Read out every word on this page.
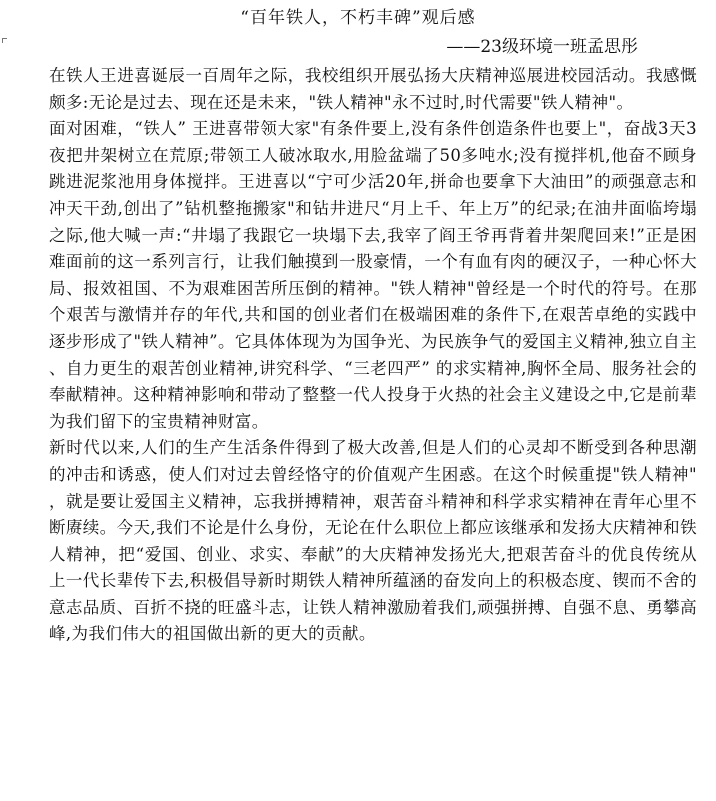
“百年铁人，不朽丰碑”观后感
——23级环境一班孟思彤

在铁人王进喜诞辰一百周年之际，我校组织开展弘扬大庆精神巡展进校园活动。我感慨颇多:无论是过去、现在还是未来，"铁人精神"永不过时,时代需要"铁人精神"。

面对困难，“铁人” 王进喜带领大家"有条件要上,没有条件创造条件也要上"，奋战3天3夜把井架树立在荒原;带领工人破冰取水,用脸盆端了50多吨水;没有搅拌机,他奋不顾身跳进泥浆池用身体搅拌。王进喜以“宁可少活20年,拼命也要拿下大油田”的顽强意志和冲天干劲,创出了”钻机整拖搬家"和钻井进尺“月上千、年上万”的纪录;在油井面临垮塌之际,他大喊一声:“井塌了我跟它一块塌下去,我宰了阎王爷再背着井架爬回来!”正是困难面前的这一系列言行，让我们触摸到一股豪情，一个有血有肉的硬汉子，一种心怀大局、报效祖国、不为艰难困苦所压倒的精神。"铁人精神"曾经是一个时代的符号。在那个艰苦与激情并存的年代,共和国的创业者们在极端困难的条件下,在艰苦卓绝的实践中逐步形成了"铁人精神”。它具体体现为为国争光、为民族争气的爱国主义精神,独立自主、自力更生的艰苦创业精神,讲究科学、“三老四严” 的求实精神,胸怀全局、服务社会的奉献精神。这种精神影响和带动了整整一代人投身于火热的社会主义建设之中,它是前辈为我们留下的宝贵精神财富。

新时代以来,人们的生产生活条件得到了极大改善,但是人们的心灵却不断受到各种思潮的冲击和诱惑，使人们对过去曾经恪守的价值观产生困惑。在这个时候重提"铁人精神"，就是要让爱国主义精神，忘我拼搏精神，艰苦奋斗精神和科学求实精神在青年心里不断赓续。今天,我们不论是什么身份，无论在什么职位上都应该继承和发扬大庆精神和铁人精神，把“爱国、创业、求实、奉献”的大庆精神发扬光大,把艰苦奋斗的优良传统从上一代长辈传下去,积极倡导新时期铁人精神所蕴涵的奋发向上的积极态度、锲而不舍的意志品质、百折不挠的旺盛斗志，让铁人精神激励着我们,顽强拼搏、自强不息、勇攀高峰,为我们伟大的祖国做出新的更大的贡献。
